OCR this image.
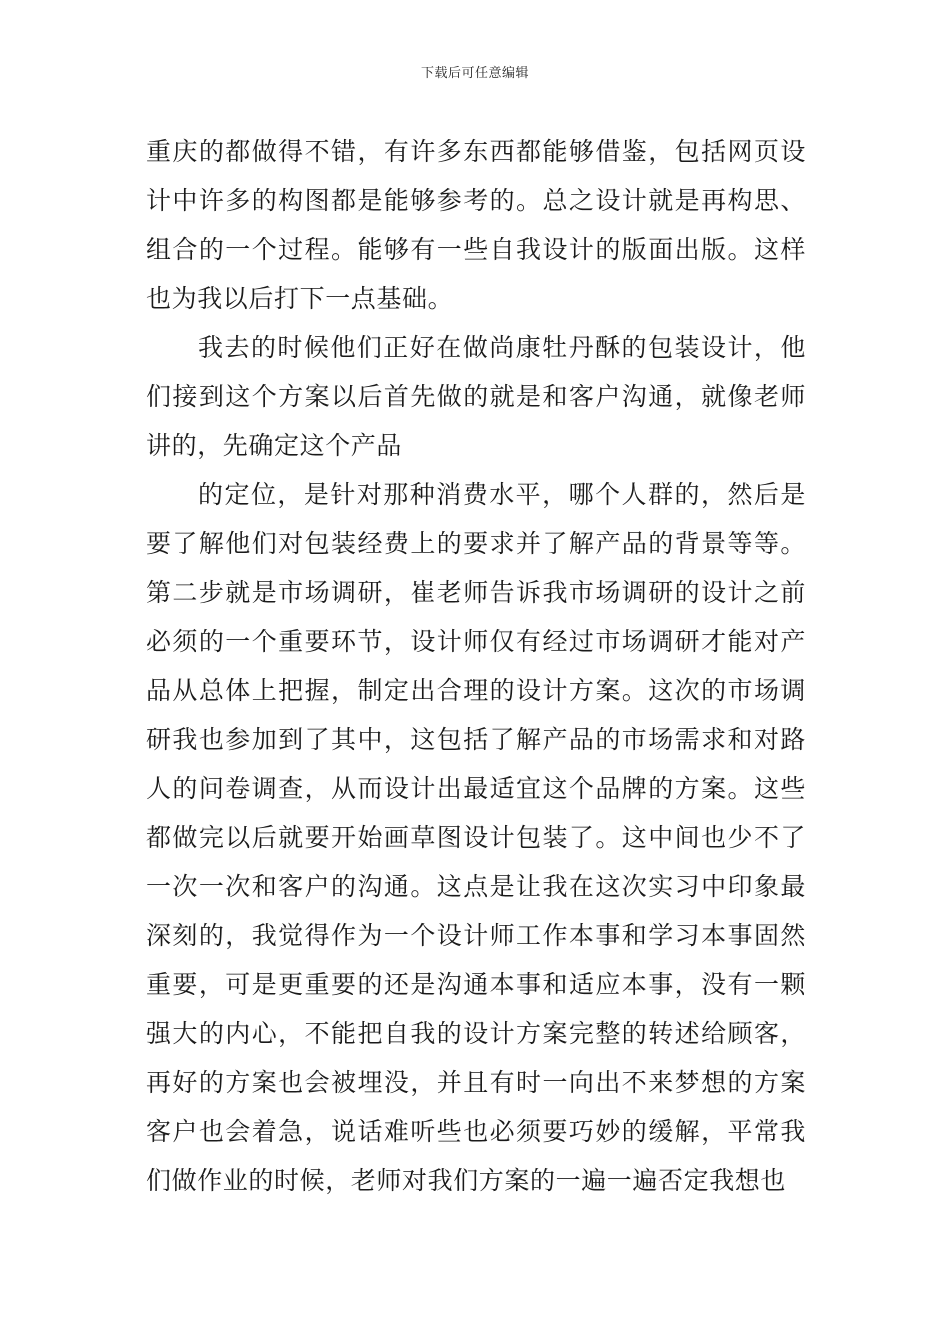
下载后可任意编辑

重庆的都做得不错，有许多东西都能够借鉴，包括网页设计中许多的构图都是能够参考的。总之设计就是再构思、组合的一个过程。能够有一些自我设计的版面出版。这样也为我以后打下一点基础。

我去的时候他们正好在做尚康牡丹酥的包装设计，他们接到这个方案以后首先做的就是和客户沟通，就像老师讲的，先确定这个产品

的定位，是针对那种消费水平，哪个人群的，然后是要了解他们对包装经费上的要求并了解产品的背景等等。第二步就是市场调研，崔老师告诉我市场调研的设计之前必须的一个重要环节，设计师仅有经过市场调研才能对产品从总体上把握，制定出合理的设计方案。这次的市场调研我也参加到了其中，这包括了解产品的市场需求和对路人的问卷调查，从而设计出最适宜这个品牌的方案。这些都做完以后就要开始画草图设计包装了。这中间也少不了一次一次和客户的沟通。这点是让我在这次实习中印象最深刻的，我觉得作为一个设计师工作本事和学习本事固然重要，可是更重要的还是沟通本事和适应本事，没有一颗强大的内心，不能把自我的设计方案完整的转述给顾客，再好的方案也会被埋没，并且有时一向出不来梦想的方案客户也会着急，说话难听些也必须要巧妙的缓解，平常我们做作业的时候，老师对我们方案的一遍一遍否定我想也
